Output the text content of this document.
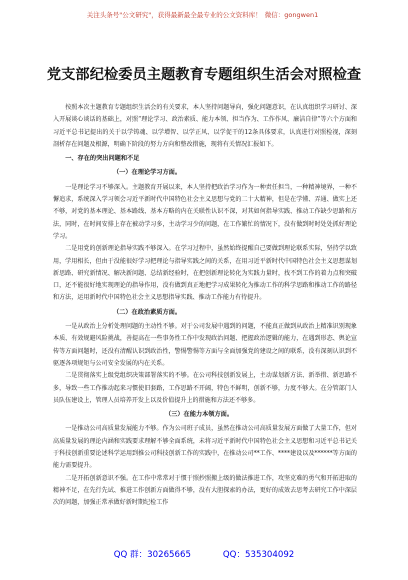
关注头条号"公文研究"，获得最新最全最专业的公文资料库！ 微信：gongwen1
党支部纪检委员主题教育专题组织生活会对照检查

按照本次主题教育专题组织生活会的有关要求，本人坚持问题导向，强化问题意识，在认真组织学习研讨、深入开展谈心谈话的基础上，对照“理论学习、政治素质、能力本领、担当作为、工作作风、廉洁自律”等六个方面和习近平总书记提出的关于以学铸魂、以学增智、以学正风、以学促干的12条具体要求，认真进行对照检视，深刻剖析存在问题及根源，明确下阶段的努力方向和整改措施，现将有关情况汇报如下。

一、存在的突出问题和不足

（一）在理论学习方面。

一是理论学习不够深入。主题教育开展以来，本人坚持把政治学习作为一种责任担当，一种精神境界，一种不懈追求，系统深入学习领会习近平新时代中国特色社会主义思想与党的二十大精神，但是在学懂、弄通、做实上还不够，对党的基本理论、基本路线、基本方略的内在关联性认识不深，对其如何指导实践、推动工作缺少思路和方法，同时，在时间安排上存在被动学习多，主动学习少的问题，在工作繁忙的情况下，没有做到时时处处抓好理论学习。

二是用党的创新理论指导实践不够深入。在学习过程中，虽然始终提醒自己要做到理论联系实际，坚持学以致用，学用相长，但由于没能很好学习把理论与指导实践之间的关系，在用习近平新时代中国特色社会主义思想谋划新思路、研究新情况、解决新问题、总结新经验时，在把创新理论转化为实践力量时，找不到工作的着力点和突破口，还不能很好地实现理论的指导作用，没有做到真正地把学习成果转化为推动工作的科学思路和推动工作的路径和方法，运用新时代中国特色社会主义思想指导实践、推动工作能力有待提升。

（二）在政治素质方面。

一是从政治上分析处理问题的主动性不够。对于公司发展中遇到的问题，不能真正做到从政治上精准识别现象本质、有效规避风险挑战，善提高在一些事务性工作中发现政治问题、把握政治逻辑的能力，在遇到形态、舆论宣传等方面问题时，还没有清醒认识到政治性，警惕警惕等方面与全面加强党的建设之间的联系，没有深刻认识到不驱逐各项规矩与公司安全发展的内在关系。

二是贯彻落实上级党组织决策部署落实的不够。在公司科技创新发展上，主动谋划新方法、新举措、新思路不多，导致一些工作推动起来习惯使旧套路，工作思路不开阔，特色不鲜明，创新不够，力度不够大。在分管部门人员队伍建设上，管理人员培养开发上以及价值提升上的措施和方法还不够多。

（三）在能力本领方面。

一是推动公司高质量发展能力不够。作为公司班子成员，虽然在推动公司高质量发展方面做了大量工作，但对高质量发展的理论内涵和实践要求理解不够全面系统，未将习近平新时代中国特色社会主义思想和习近平总书记关于科技创新重要论述科学运用到推公司科技创新工作的实践中，在推动公司**工作、****建设以及******等方面的能力需要提升。

二是开拓创新意识不强。在工作中常常对于惯于照抄照搬上级的做法推进工作，攻坚克难的勇气和开拓进取的精神不足，在先行先试、推进工作创新方面做得不够，没有大胆探索的办法，更好的成效去思考去研究工作中深层次的问题，加强正常承做好新时期纪检工作

QQ 群：30265665	QQ：535304092
